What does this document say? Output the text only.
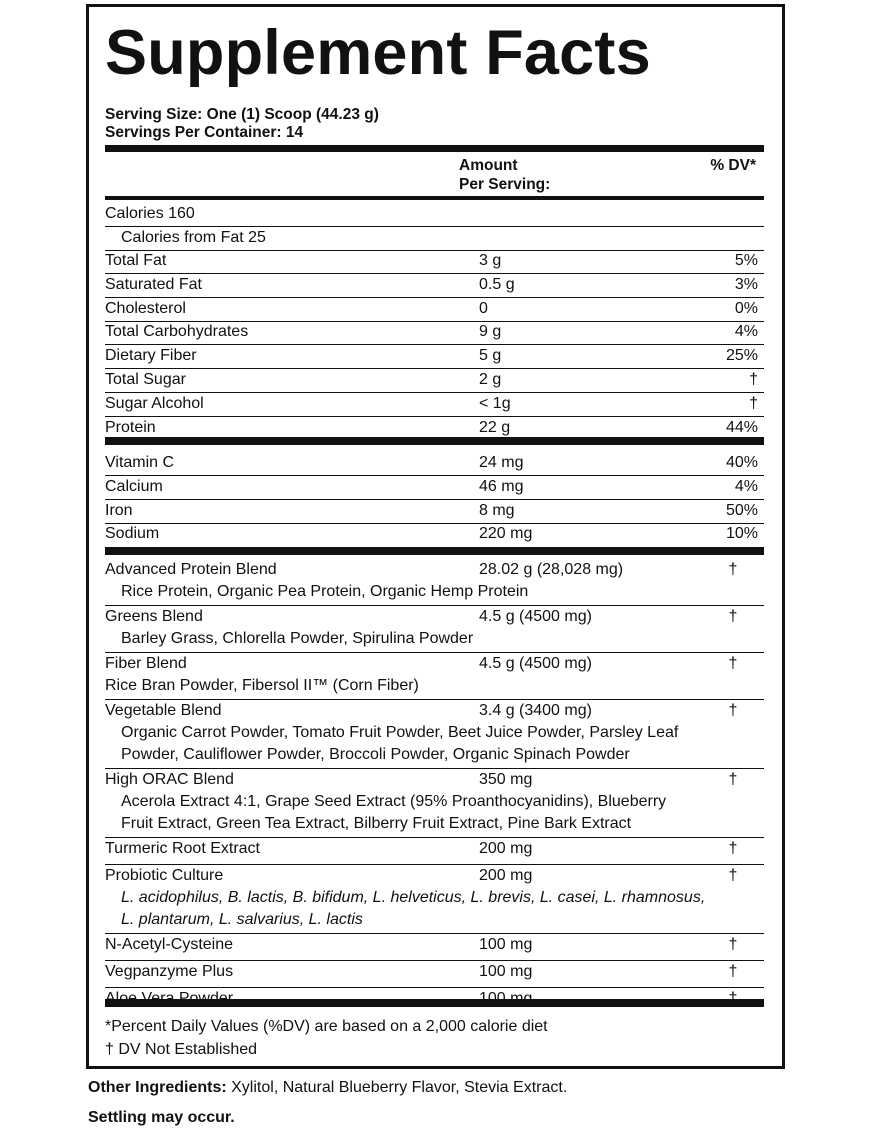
Supplement Facts
Serving Size: One (1) Scoop (44.23 g)
Servings Per Container: 14
Amount
Per Serving:
% DV*
Calories 160
Calories from Fat 25
Total Fat	3 g	5%
Saturated Fat	0.5 g	3%
Cholesterol	0	0%
Total Carbohydrates	9 g	4%
Dietary Fiber	5 g	25%
Total Sugar	2 g	†
Sugar Alcohol	< 1g	†
Protein	22 g	44%
Vitamin C	24 mg	40%
Calcium	46 mg	4%
Iron	8 mg	50%
Sodium	220 mg	10%
Advanced Protein Blend	28.02 g (28,028 mg)	†
Rice Protein, Organic Pea Protein, Organic Hemp Protein
Greens Blend	4.5 g (4500 mg)	†
Barley Grass, Chlorella Powder, Spirulina Powder
Fiber Blend	4.5 g (4500 mg)	†
Rice Bran Powder, Fibersol II™ (Corn Fiber)
Vegetable Blend	3.4 g (3400 mg)	†
Organic Carrot Powder, Tomato Fruit Powder, Beet Juice Powder, Parsley Leaf
Powder, Cauliflower Powder, Broccoli Powder, Organic Spinach Powder
High ORAC Blend	350 mg	†
Acerola Extract 4:1, Grape Seed Extract (95% Proanthocyanidins), Blueberry
Fruit Extract, Green Tea Extract, Bilberry Fruit Extract, Pine Bark Extract
Turmeric Root Extract	200 mg	†
Probiotic Culture	200 mg	†
L. acidophilus, B. lactis, B. bifidum, L. helveticus, L. brevis, L. casei, L. rhamnosus,
L. plantarum, L. salvarius, L. lactis
N-Acetyl-Cysteine	100 mg	†
Vegpanzyme Plus	100 mg	†
*Percent Daily Values (%DV) are based on a 2,000 calorie diet
† DV Not Established
Other Ingredients: Xylitol, Natural Blueberry Flavor, Stevia Extract.
Settling may occur.
